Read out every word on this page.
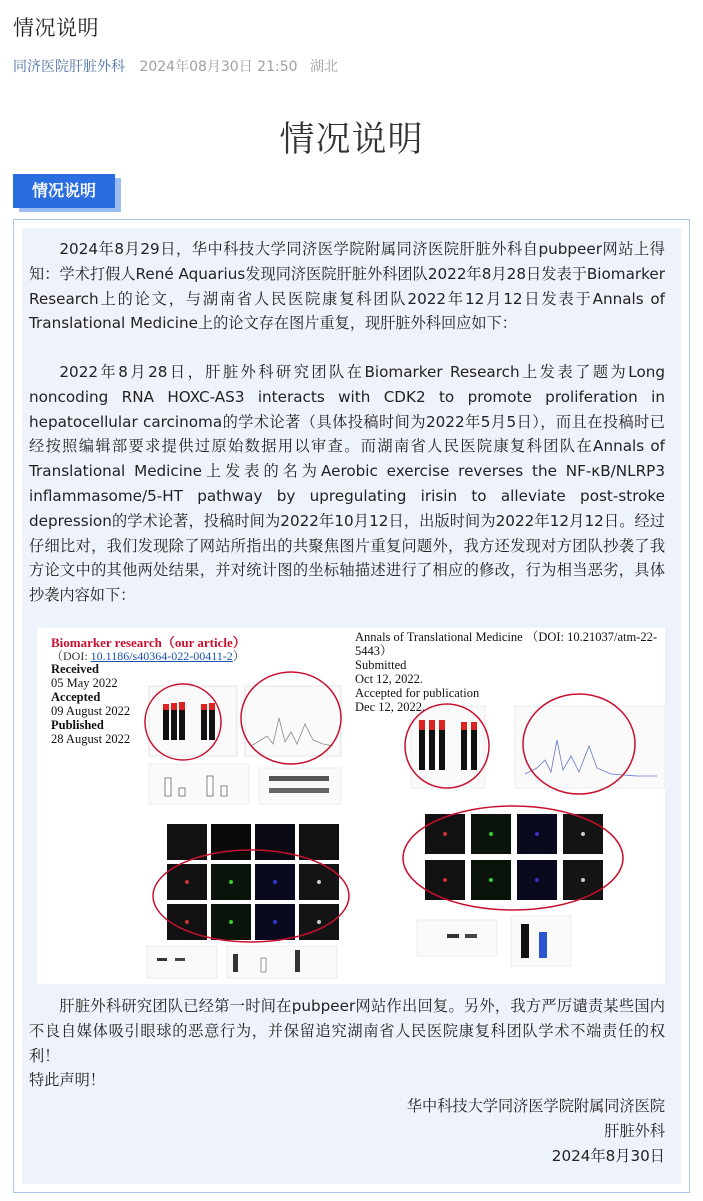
情况说明
同济医院肝脏外科 2024年08月30日 21:50 湖北
情况说明
情况说明
2024年8月29日，华中科技大学同济医学院附属同济医院肝脏外科自pubpeer网站上得知：学术打假人René Aquarius发现同济医院肝脏外科团队2022年8月28日发表于Biomarker Research上的论文，与湖南省人民医院康复科团队2022年12月12日发表于Annals of Translational Medicine上的论文存在图片重复，现肝脏外科回应如下：
2022年8月28日，肝脏外科研究团队在Biomarker Research上发表了题为Long noncoding RNA HOXC-AS3 interacts with CDK2 to promote proliferation in hepatocellular carcinoma的学术论著（具体投稿时间为2022年5月5日），而且在投稿时已经按照编辑部要求提供过原始数据用以审查。而湖南省人民医院康复科团队在Annals of Translational Medicine上发表的名为Aerobic exercise reverses the NF-κB/NLRP3 inflammasome/5-HT pathway by upregulating irisin to alleviate post-stroke depression的学术论著，投稿时间为2022年10月12日，出版时间为2022年12月12日。经过仔细比对，我们发现除了网站所指出的共聚焦图片重复问题外，我方还发现对方团队抄袭了我方论文中的其他两处结果，并对统计图的坐标轴描述进行了相应的修改，行为相当恶劣，具体抄袭内容如下：
Biomarker research（our article）
（DOI: 10.1186/s40364-022-00411-2）
Received
05 May 2022
Accepted
09 August 2022
Published
28 August 2022
Annals of Translational Medicine （DOI: 10.21037/atm-22-5443）
Submitted
Oct 12, 2022.
Accepted for publication
Dec 12, 2022.
肝脏外科研究团队已经第一时间在pubpeer网站作出回复。另外，我方严厉谴责某些国内不良自媒体吸引眼球的恶意行为，并保留追究湖南省人民医院康复科团队学术不端责任的权利！
特此声明！
华中科技大学同济医学院附属同济医院
肝脏外科
2024年8月30日
